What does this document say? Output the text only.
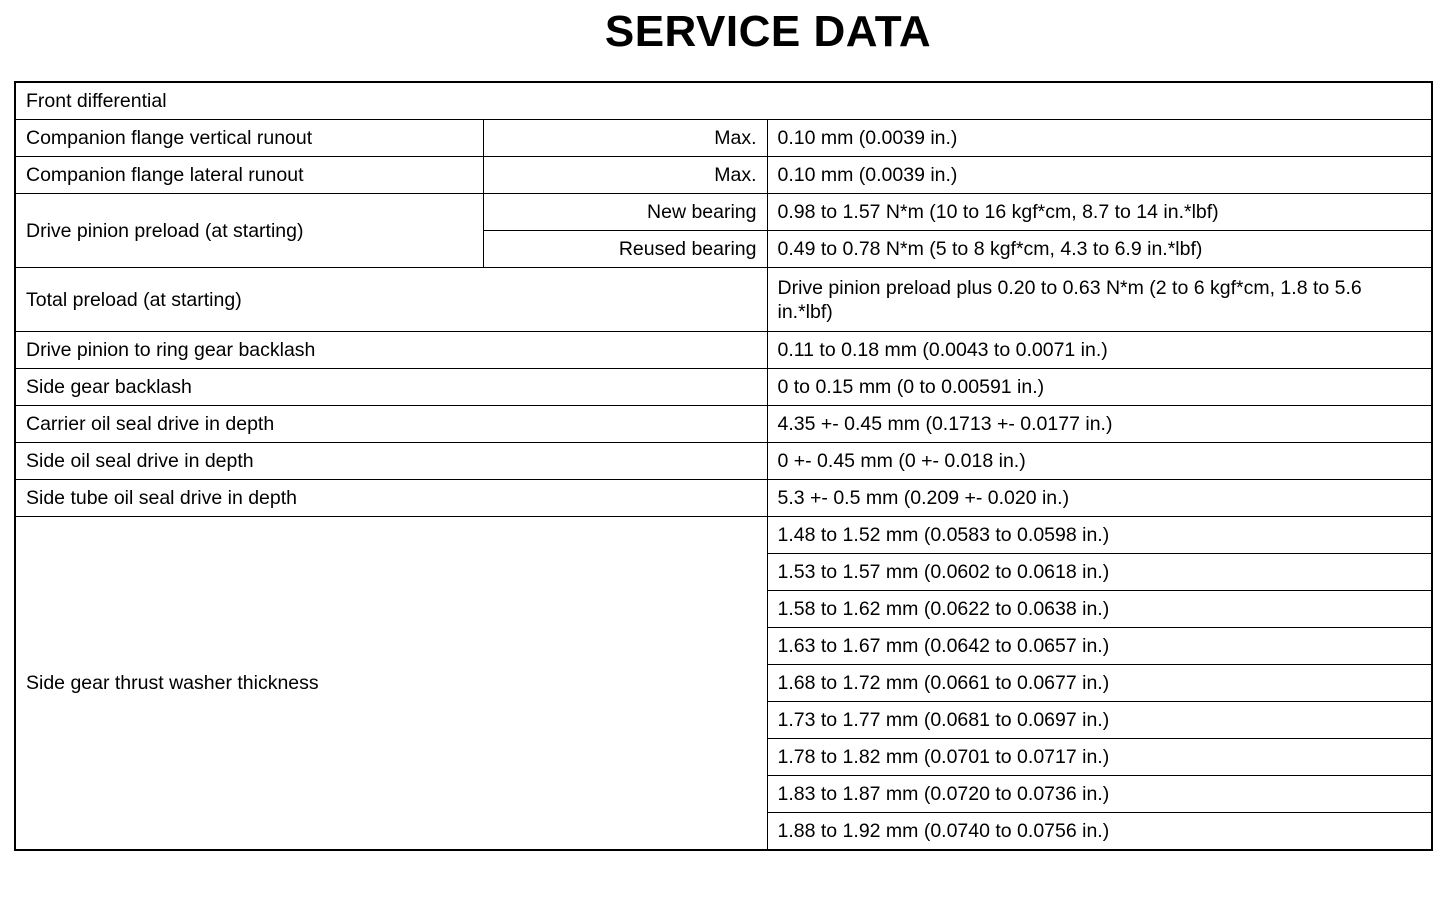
SERVICE DATA
Front differential		
Companion flange vertical runout	Max.	0.10 mm (0.0039 in.)
Companion flange lateral runout	Max.	0.10 mm (0.0039 in.)
Drive pinion preload (at starting)	New bearing	0.98 to 1.57 N*m (10 to 16 kgf*cm, 8.7 to 14 in.*lbf)
	Reused bearing	0.49 to 0.78 N*m (5 to 8 kgf*cm, 4.3 to 6.9 in.*lbf)
Total preload (at starting)		Drive pinion preload plus 0.20 to 0.63 N*m (2 to 6 kgf*cm, 1.8 to 5.6 in.*lbf)
Drive pinion to ring gear backlash		0.11 to 0.18 mm (0.0043 to 0.0071 in.)
Side gear backlash		0 to 0.15 mm (0 to 0.00591 in.)
Carrier oil seal drive in depth		4.35 +- 0.45 mm (0.1713 +- 0.0177 in.)
Side oil seal drive in depth		0 +- 0.45 mm (0 +- 0.018 in.)
Side tube oil seal drive in depth		5.3 +- 0.5 mm (0.209 +- 0.020 in.)
Side gear thrust washer thickness		1.48 to 1.52 mm (0.0583 to 0.0598 in.)
		1.53 to 1.57 mm (0.0602 to 0.0618 in.)
		1.58 to 1.62 mm (0.0622 to 0.0638 in.)
		1.63 to 1.67 mm (0.0642 to 0.0657 in.)
		1.68 to 1.72 mm (0.0661 to 0.0677 in.)
		1.73 to 1.77 mm (0.0681 to 0.0697 in.)
		1.78 to 1.82 mm (0.0701 to 0.0717 in.)
		1.83 to 1.87 mm (0.0720 to 0.0736 in.)
		1.88 to 1.92 mm (0.0740 to 0.0756 in.)
